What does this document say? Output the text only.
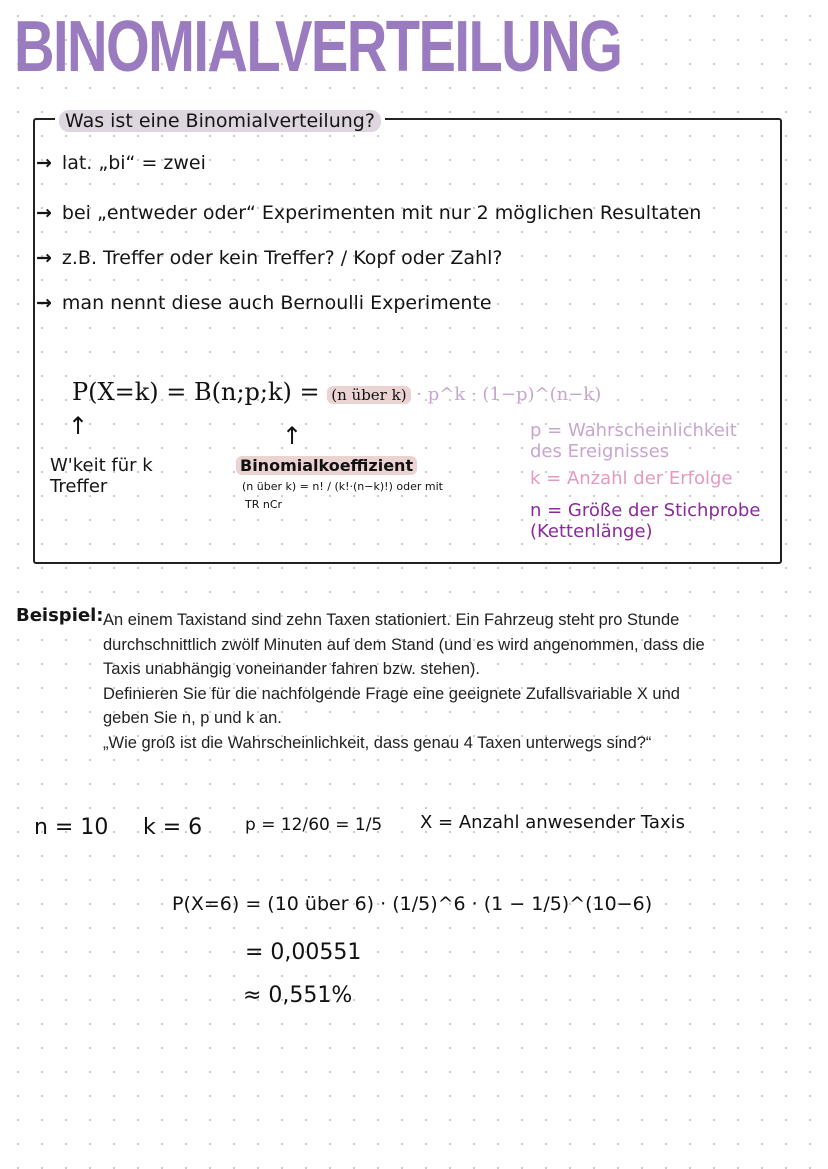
BINOMIALVERTEILUNG
Was ist eine Binomialverteilung?
→ lat. „bi“ = zwei
→ bei „entweder oder“ Experimenten mit nur 2 möglichen Resultaten
→ z.B. Treffer oder kein Treffer? / Kopf oder Zahl?
→ man nennt diese auch Bernoulli Experimente
P(X=k) = B(n;p;k) = (n über k) · p^k · (1−p)^(n−k)
↑	↑
W'keit für k Treffer
Binomialkoeffizient
(n über k) = n! / (k!·(n−k)!) oder mit
TR nCr
p = Wahrscheinlichkeit des Ereignisses
k = Anzahl der Erfolge
n = Größe der Stichprobe (Kettenlänge)
Beispiel: An einem Taxistand sind zehn Taxen stationiert. Ein Fahrzeug steht pro Stunde
durchschnittlich zwölf Minuten auf dem Stand (und es wird angenommen, dass die
Taxis unabhängig voneinander fahren bzw. stehen).
Definieren Sie für die nachfolgende Frage eine geeignete Zufallsvariable X und
geben Sie n, p und k an.
„Wie groß ist die Wahrscheinlichkeit, dass genau 4 Taxen unterwegs sind?“
n = 10 k = 6	p = 12/60 = 1/5 X = Anzahl anwesender Taxis
P(X=6) = (10 über 6) · (1/5)^6 · (1 − 1/5)^(10−6)
= 0,00551
≈ 0,551%
